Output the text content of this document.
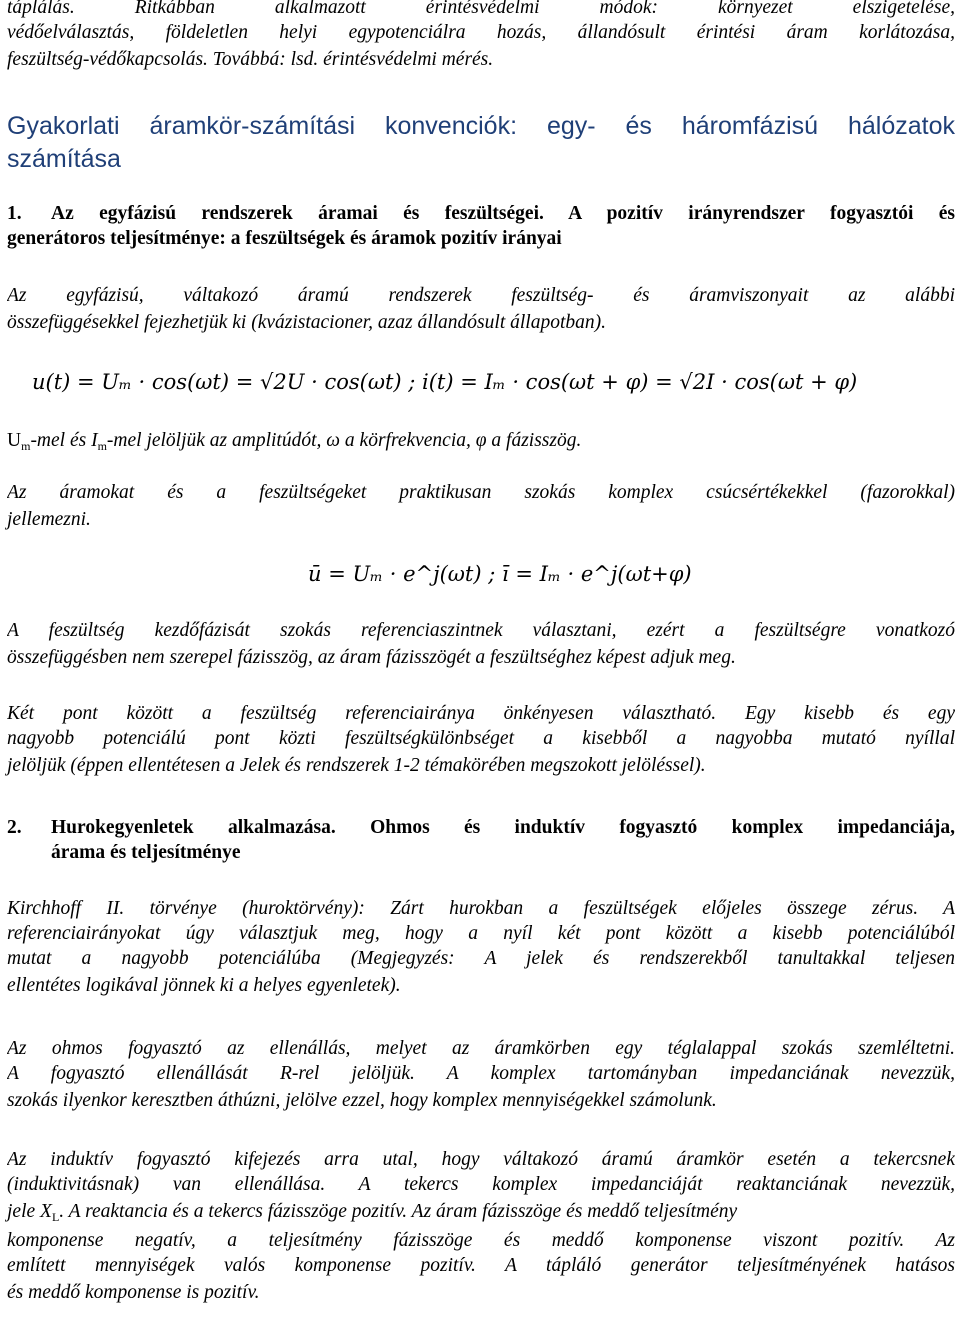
táplálás. Ritkábban alkalmazott érintésvédelmi módok: környezet elszigetelése,
védőelválasztás, földeletlen helyi egypotenciálra hozás, állandósult érintési áram korlátozása,
feszültség-védőkapcsolás. Továbbá: lsd. érintésvédelmi mérés.
Gyakorlati áramkör-számítási konvenciók: egy- és háromfázisú hálózatok
számítása
1.	Az egyfázisú rendszerek áramai és feszültségei. A pozitív irányrendszer fogyasztói és
generátoros teljesítménye: a feszültségek és áramok pozitív irányai
Az egyfázisú, váltakozó áramú rendszerek feszültség- és áramviszonyait az alábbi
összefüggésekkel fejezhetjük ki (kvázistacioner, azaz állandósult állapotban).
u(t) = Uₘ · cos(ωt) = √2U · cos(ωt) ; i(t) = Iₘ · cos(ωt + φ) = √2I · cos(ωt + φ)
$U_m$-mel és $I_m$-mel jelöljük az amplitúdót, ω a körfrekvencia, φ a fázisszög.
Az áramokat és a feszültségeket praktikusan szokás komplex csúcsértékekkel (fazorokkal)
jellemezni.
ū = Uₘ · e^j(ωt) ; ī = Iₘ · e^j(ωt+φ)
A feszültség kezdőfázisát szokás referenciaszintnek választani, ezért a feszültségre vonatkozó
összefüggésben nem szerepel fázisszög, az áram fázisszögét a feszültséghez képest adjuk meg.
Két pont között a feszültség referenciairánya önkényesen választható. Egy kisebb és egy
nagyobb potenciálú pont közti feszültségkülönbséget a kisebből a nagyobba mutató nyíllal
jelöljük (éppen ellentétesen a Jelek és rendszerek 1-2 témakörében megszokott jelöléssel).
2.	Hurokegyenletek alkalmazása. Ohmos és induktív fogyasztó komplex impedanciája,
árama és teljesítménye
Kirchhoff II. törvénye (huroktörvény): Zárt hurokban a feszültségek előjeles összege zérus. A
referenciairányokat úgy választjuk meg, hogy a nyíl két pont között a kisebb potenciálúból
mutat a nagyobb potenciálúba (Megjegyzés: A jelek és rendszerekből tanultakkal teljesen
ellentétes logikával jönnek ki a helyes egyenletek).
Az ohmos fogyasztó az ellenállás, melyet az áramkörben egy téglalappal szokás szemléltetni.
A fogyasztó ellenállását R-rel jelöljük. A komplex tartományban impedanciának nevezzük,
szokás ilyenkor keresztben áthúzni, jelölve ezzel, hogy komplex mennyiségekkel számolunk.
Az induktív fogyasztó kifejezés arra utal, hogy váltakozó áramú áramkör esetén a tekercsnek
(induktivitásnak) van ellenállása. A tekercs komplex impedanciáját reaktanciának nevezzük,
jele $X_L$. A reaktancia és a tekercs fázisszöge pozitív. Az áram fázisszöge és meddő teljesítmény
komponense negatív, a teljesítmény fázisszöge és meddő komponense viszont pozitív. Az
említett mennyiségek valós komponense pozitív. A tápláló generátor teljesítményének hatásos
és meddő komponense is pozitív.
